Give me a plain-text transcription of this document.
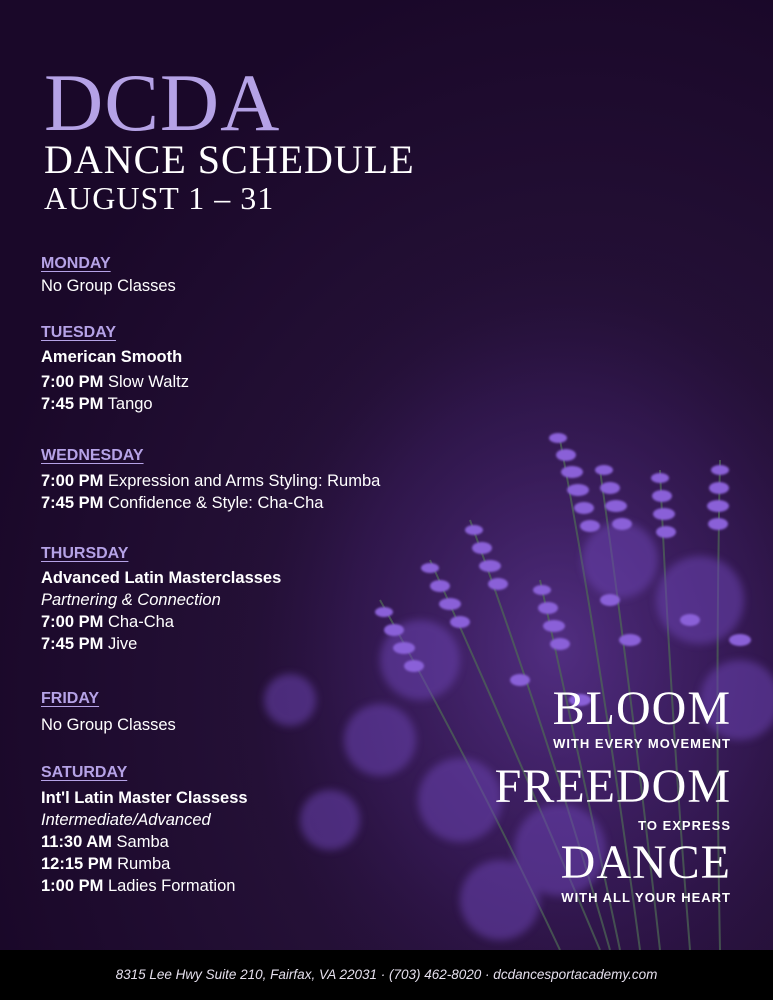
DCDA
DANCE SCHEDULE
AUGUST 1 – 31
MONDAY
No Group Classes
TUESDAY
American Smooth
7:00 PM Slow Waltz
7:45 PM Tango
WEDNESDAY
7:00 PM Expression and Arms Styling: Rumba
7:45 PM Confidence & Style: Cha-Cha
THURSDAY
Advanced Latin Masterclasses
Partnering & Connection
7:00 PM Cha-Cha
7:45 PM Jive
FRIDAY
No Group Classes
SATURDAY
Int'l Latin Master Classess
Intermediate/Advanced
11:30 AM Samba
12:15 PM Rumba
1:00 PM Ladies Formation
BLOOM
WITH EVERY MOVEMENT
FREEDOM
TO EXPRESS
DANCE
WITH ALL YOUR HEART
8315 Lee Hwy Suite 210, Fairfax, VA 22031 · (703) 462-8020 · dcdancesportacademy.com
